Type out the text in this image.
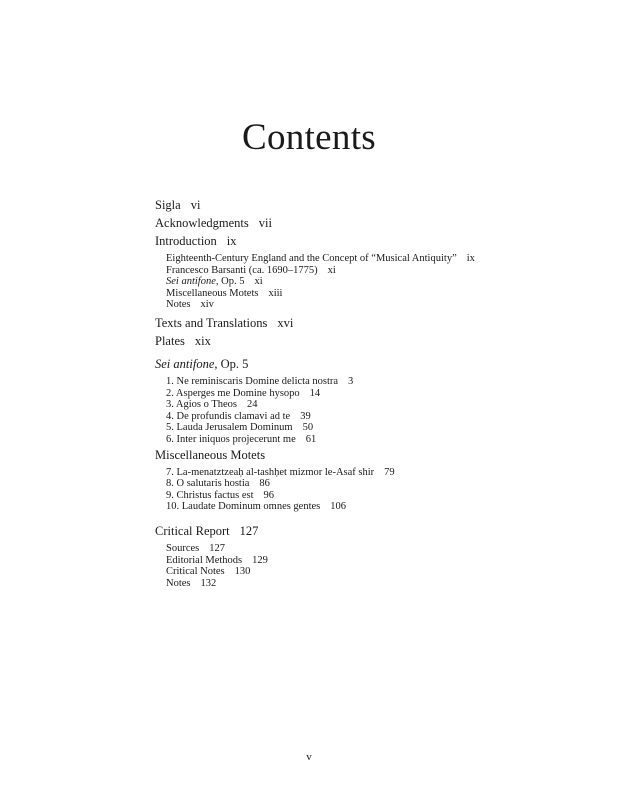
Contents
Sigla vi
Acknowledgments vii
Introduction ix
Eighteenth-Century England and the Concept of “Musical Antiquity” ix
Francesco Barsanti (ca. 1690–1775) xi
Sei antifone, Op. 5 xi
Miscellaneous Motets xiii
Notes xiv
Texts and Translations xvi
Plates xix
Sei antifone, Op. 5
1. Ne reminiscaris Domine delicta nostra 3
2. Asperges me Domine hysopo 14
3. Agios o Theos 24
4. De profundis clamavi ad te 39
5. Lauda Jerusalem Dominum 50
6. Inter iniquos projecerunt me 61
Miscellaneous Motets
7. La-menatztzeaḥ al-tashḥet mizmor le-Asaf shir 79
8. O salutaris hostia 86
9. Christus factus est 96
10. Laudate Dominum omnes gentes 106
Critical Report 127
Sources 127
Editorial Methods 129
Critical Notes 130
Notes 132
v
